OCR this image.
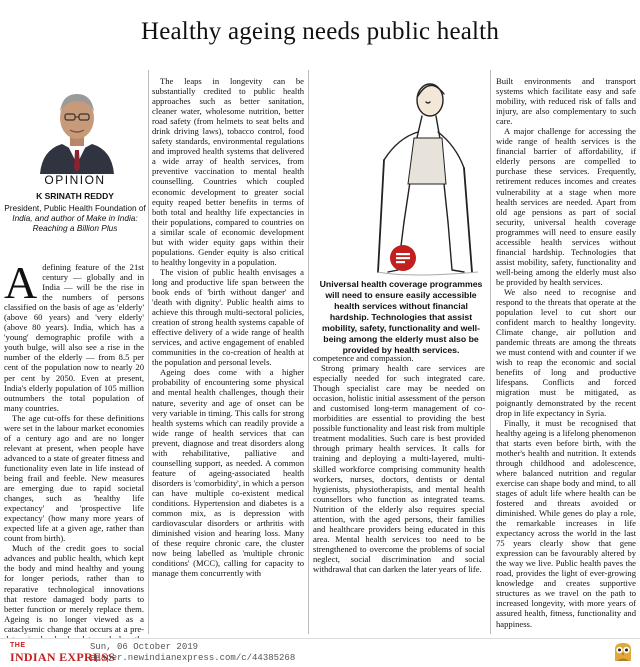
Healthy ageing needs public health
OPINION
K SRINATH REDDY
President, Public Health Foundation of
India, and author of Make in India:
Reaching a Billion Plus

Adefining feature of the 21st century — globally and in India — will be the rise in the numbers of persons classified on the basis of age as 'elderly' (above 60 years) and 'very elderly' (above 80 years). India, which has a 'young' demographic profile with a youth bulge, will also see a rise in the number of the elderly — from 8.5 per cent of the population now to nearly 20 per cent by 2050. Even at present, India's elderly population of 105 million outnumbers the total population of many countries.

The age cut-offs for these definitions were set in the labour market economies of a century ago and are no longer relevant at present, when people have advanced to a state of greater fitness and functionality even late in life instead of being frail and feeble. New measures are emerging due to rapid societal changes, such as 'healthy life expectancy' and 'prospective life expectancy' (how many more years of expected life at a given age, rather than count from birth).

Much of the credit goes to social advances and public health, which kept the body and mind healthy and young for longer periods, rather than to reparative technological innovations that restore damaged body parts to better function or merely replace them. Ageing is no longer viewed as a cataclysmic change that occurs at a pre-

The leaps in longevity can be substantially credited to public health approaches such as better sanitation, cleaner water, wholesome nutrition, better road safety (from helmets to seat belts and drink driving laws), tobacco control, food safety standards, environmental regulations and improved health systems that delivered a wide array of health services, from preventive vaccination to mental health counselling. Countries which coupled economic development to greater social equity reaped better benefits in terms of both total and healthy life expectancies in their populations, compared to countries on a similar scale of economic development but with wider equity gaps within their populations. Gender equity is also critical to healthy longevity in a population.

The vision of public health envisages a long and productive life span between the book ends of 'birth without danger' and 'death with dignity'. Public health aims to achieve this through multi-sectoral policies, creation of strong health systems capable of effective delivery of a wide range of health services, and active engagement of enabled communities in the co-creation of health at the population and personal levels.

Ageing does come with a higher probability of encountering some physical and mental health challenges, though their nature, severity and age of onset can be very variable in timing. This calls for strong health systems which can readily provide a wide range of health services that can prevent, diagnose and treat disorders along with rehabilitative, palliative and counselling support, as needed. A common feature of ageing-associated health disorders is 'comorbidity', in which a person can have multiple co-existent medical conditions. Hypertension and diabetes is a common mix, as is depression with cardiovascular disorders or arthritis with diminished vision and hearing loss. Many of these require chronic care, the cluster now being labelled as 'multiple chronic conditions' (MCC), calling for capacity to manage them concurrently with

Universal health coverage programmes will need to ensure easily accessible health services without financial hardship. Technologies that assist mobility, safety, functionality and well-being among the elderly must also be provided by health services.

competence and compassion.

Strong primary health care services are especially needed for such integrated care. Though specialist care may be needed on occasion, holistic initial assessment of the person and customised long-term management of co-morbidities are essential to providing the best possible functionality and least risk from multiple treatment modalities. Such care is best provided through primary health services. It calls for training and deploying a multi-layered, multi-skilled workforce comprising community health workers, nurses, doctors, dentists or dental hygienists, physiotherapists, and mental health counsellors who function as integrated teams. Nutrition of the elderly also requires special attention, with the aged persons, their families and healthcare providers being educated in this area. Mental health services too need to be strengthened to overcome the problems of social neglect, social discrimination and social withdrawal that can darken the later years of life.

Built environments and transport systems which facilitate easy and safe mobility, with reduced risk of falls and injury, are also complementary to such care.

A major challenge for accessing the wide range of health services is the financial barrier of affordability, if elderly persons are compelled to purchase these services. Frequently, retirement reduces incomes and creates vulnerability at a stage when more health services are needed. Apart from old age pensions as part of social security, universal health coverage programmes will need to ensure easily accessible health services without financial hardship. Technologies that assist mobility, safety, functionality and well-being among the elderly must also be provided by health services.

We also need to recognise and respond to the threats that operate at the population level to cut short our confident march to healthy longevity. Climate change, air pollution and pandemic threats are among the threats we must contend with and counter if we wish to reap the economic and social benefits of long and productive lifespans. Conflicts and forced migration must be mitigated, as poignantly demonstrated by the recent drop in life expectancy in Syria.

Finally, it must be recognised that healthy ageing is a lifelong phenomenon that starts even before birth, with the mother's health and nutrition. It extends through childhood and adolescence, where balanced nutrition and regular exercise can shape body and mind, to all stages of adult life where health can be fostered and threats avoided or diminished. While genes do play a role, the remarkable increases in life expectancy across the world in the last 75 years clearly show that gene expression can be favourably altered by the way we live. Public health paves the road, provides the light of ever-growing knowledge and creates supportive structures as we travel on the path to increased longevity, with more years of assured health, fitness, functionality and happiness.

THE
INDIAN EXPRESS
Sun, 06 October 2019
epaper.newindianexpress.com/c/44385268
